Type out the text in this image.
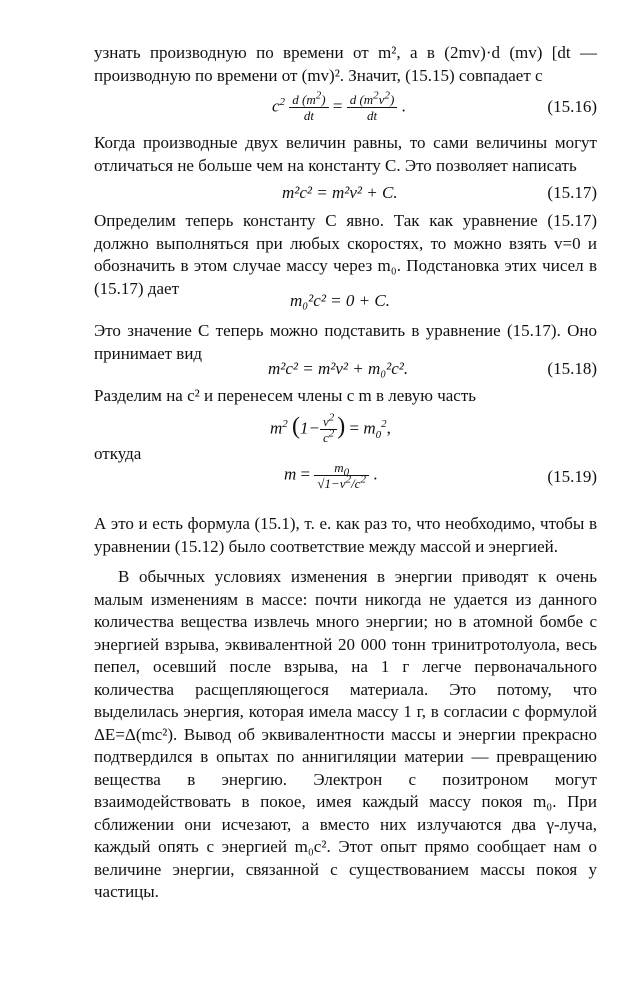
узнать производную по времени от m², а в (2mv)·d (mv) [dt — производную по времени от (mv)². Значит, (15.15) совпадает с

$c^2 \frac{d (m^2)}{dt} = \frac{d (m^2v^2)}{dt}$ .	(15.16)

Когда производные двух величин равны, то сами величины могут отличаться не больше чем на константу C. Это позволяет написать

m²c² = m²v² + C.	(15.17)

Определим теперь константу C явно. Так как уравнение (15.17) должно выполняться при любых скоростях, то можно взять v=0 и обозначить в этом случае массу через m₀. Подстановка этих чисел в (15.17) дает

m₀²c² = 0 + C.

Это значение C теперь можно подставить в уравнение (15.17). Оно принимает вид

m²c² = m²v² + m₀²c².	(15.18)

Разделим на c² и перенесем члены с m в левую часть

$m^2$ ($1- \frac{v^2}{c^2}$ ) = $m_0^2$,

откуда

$m = \frac{m_0}{√1-v^2/c^2}$ .	(15.19)

А это и есть формула (15.1), т. е. как раз то, что необходимо, чтобы в уравнении (15.12) было соответствие между массой и энергией.

В обычных условиях изменения в энергии приводят к очень малым изменениям в массе: почти никогда не удается из данного количества вещества извлечь много энергии; но в атомной бомбе с энергией взрыва, эквивалентной 20 000 тонн тринитротолуола, весь пепел, осевший после взрыва, на 1 г легче первоначального количества расщепляющегося материала. Это потому, что выделилась энергия, которая имела массу 1 г, в согласии с формулой ΔE=Δ(mc²). Вывод об эквивалентности массы и энергии прекрасно подтвердился в опытах по аннигиляции материи — превращению вещества в энергию. Электрон с позитроном могут взаимодействовать в покое, имея каждый массу покоя m₀. При сближении они исчезают, а вместо них излучаются два γ-луча, каждый опять с энергией m₀c². Этот опыт прямо сообщает нам о величине энергии, связанной с существованием массы покоя у частицы.
